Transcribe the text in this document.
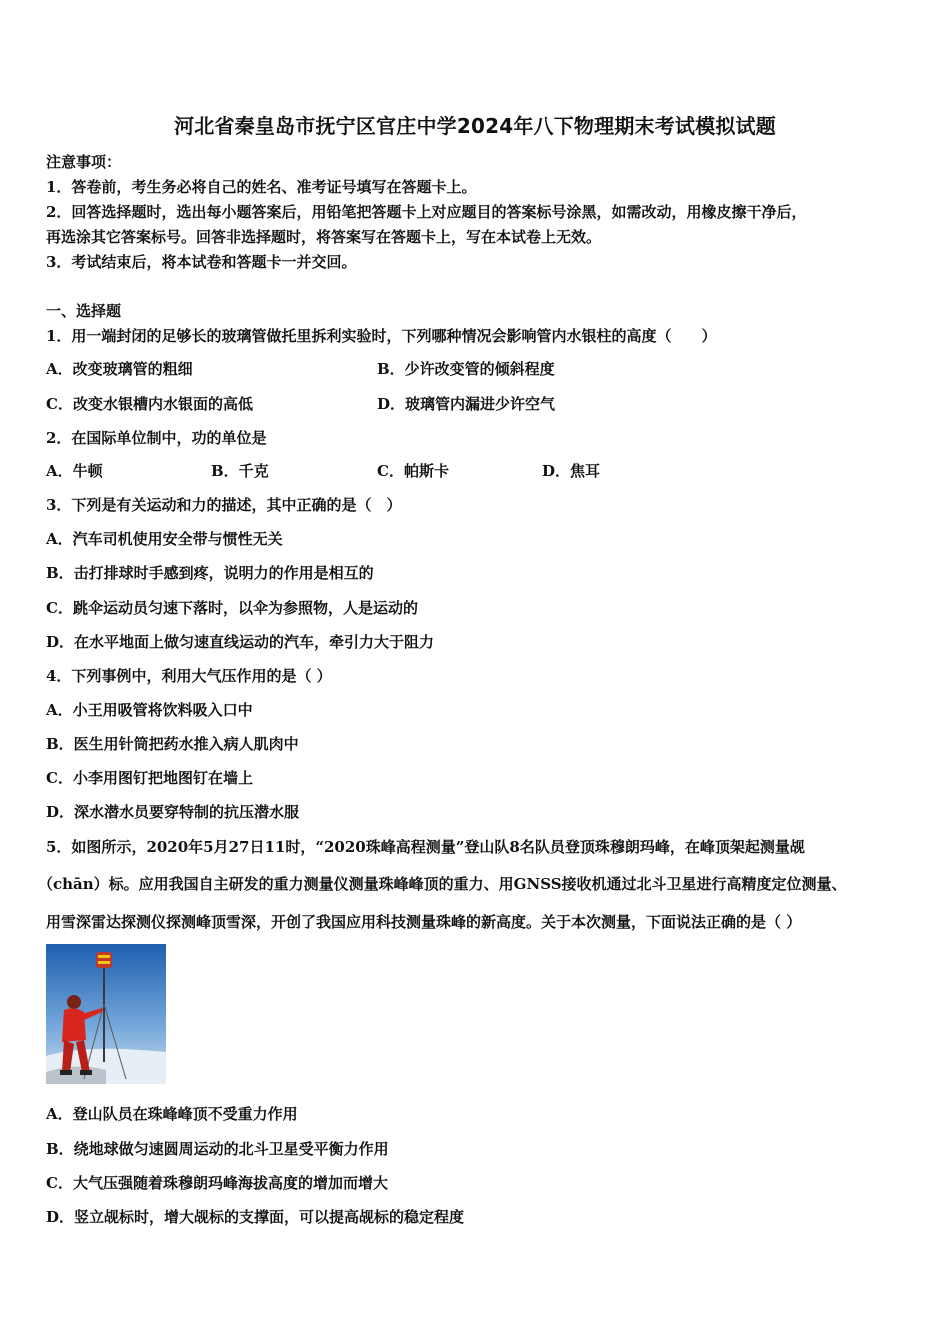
河北省秦皇岛市抚宁区官庄中学2024年八下物理期末考试模拟试题
注意事项：
1．答卷前，考生务必将自己的姓名、准考证号填写在答题卡上。
2．回答选择题时，选出每小题答案后，用铅笔把答题卡上对应题目的答案标号涂黑，如需改动，用橡皮擦干净后，
再选涂其它答案标号。回答非选择题时，将答案写在答题卡上，写在本试卷上无效。
3．考试结束后，将本试卷和答题卡一并交回。
一、选择题
1．用一端封闭的足够长的玻璃管做托里拆利实验时，下列哪种情况会影响管内水银柱的高度（　　）
A．改变玻璃管的粗细	B．少许改变管的倾斜程度
C．改变水银槽内水银面的高低	D．玻璃管内漏进少许空气
2．在国际单位制中，功的单位是
A．牛顿	B．千克	C．帕斯卡	D．焦耳
3．下列是有关运动和力的描述，其中正确的是（　）
A．汽车司机使用安全带与惯性无关
B．击打排球时手感到疼，说明力的作用是相互的
C．跳伞运动员匀速下落时，以伞为参照物，人是运动的
D．在水平地面上做匀速直线运动的汽车，牵引力大于阻力
4．下列事例中，利用大气压作用的是（ ）
A．小王用吸管将饮料吸入口中
B．医生用针筒把药水推入病人肌肉中
C．小李用图钉把地图钉在墙上
D．深水潜水员要穿特制的抗压潜水服
5．如图所示，2020年5月27日11时，“2020珠峰高程测量”登山队8名队员登顶珠穆朗玛峰，在峰顶架起测量觇
（chān）标。应用我国自主研发的重力测量仪测量珠峰峰顶的重力、用GNSS接收机通过北斗卫星进行高精度定位测量、
用雪深雷达探测仪探测峰顶雪深，开创了我国应用科技测量珠峰的新高度。关于本次测量，下面说法正确的是（ ）
A．登山队员在珠峰峰顶不受重力作用
B．绕地球做匀速圆周运动的北斗卫星受平衡力作用
C．大气压强随着珠穆朗玛峰海拔高度的增加而增大
D．竖立觇标时，增大觇标的支撑面，可以提高觇标的稳定程度
